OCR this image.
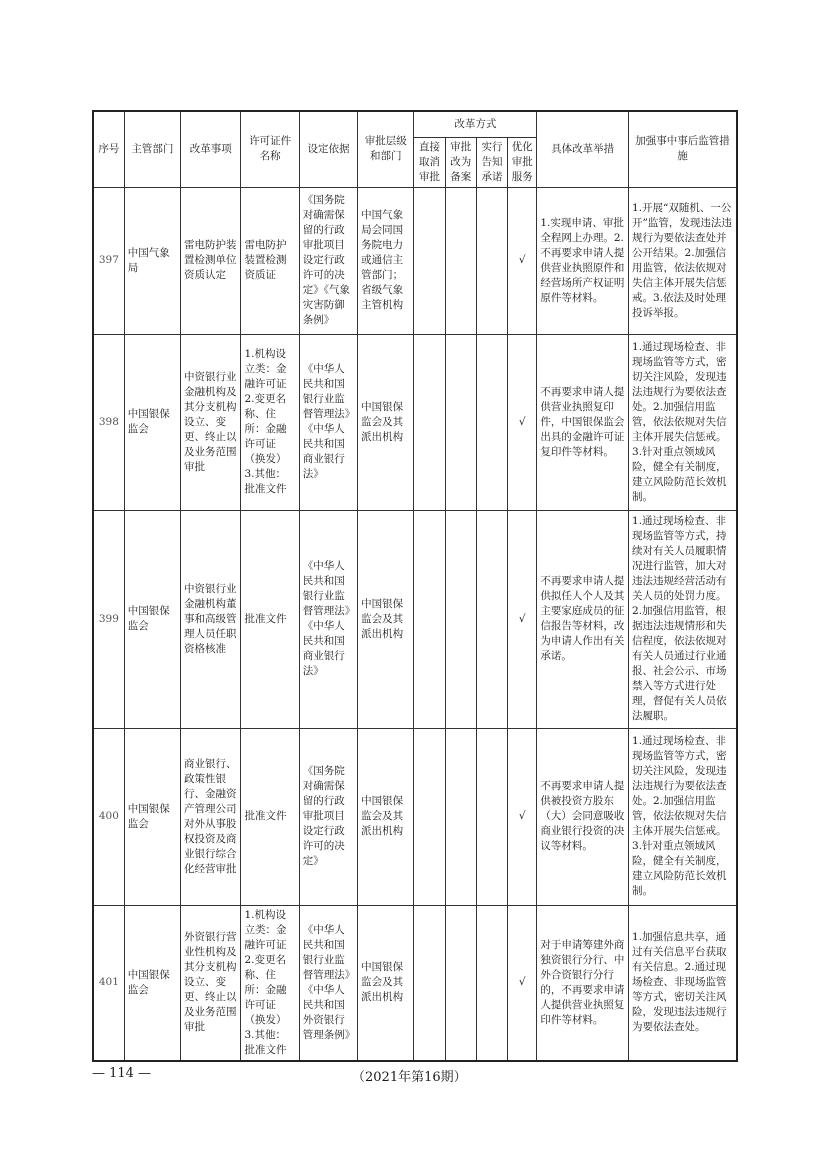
序号	主管部门	改革事项	许可证件名称	设定依据	审批层级和部门	改革方式				具体改革举措	加强事中事后监管措施
						直接取消审批	审批改为备案	实行告知承诺	优化审批服务		
397	中国气象局	雷电防护装置检测单位资质认定	雷电防护装置检测资质证	《国务院对确需保留的行政审批项目设定行政许可的决定》《气象灾害防御条例》	中国气象局会同国务院电力或通信主管部门；省级气象主管机构				√	1.实现申请、审批全程网上办理。2.不再要求申请人提供营业执照原件和经营场所产权证明原件等材料。	1.开展“双随机、一公开”监管，发现违法违规行为要依法查处并公开结果。2.加强信用监管，依法依规对失信主体开展失信惩戒。3.依法及时处理投诉举报。
398	中国银保监会	中资银行业金融机构及其分支机构设立、变更、终止以及业务范围审批	1.机构设立类：金融许可证 2.变更名称、住所：金融许可证（换发）3.其他：批准文件	《中华人民共和国银行业监督管理法》《中华人民共和国商业银行法》	中国银保监会及其派出机构				√	不再要求申请人提供营业执照复印件，中国银保监会出具的金融许可证复印件等材料。	1.通过现场检查、非现场监管等方式，密切关注风险，发现违法违规行为要依法查处。2.加强信用监管，依法依规对失信主体开展失信惩戒。3.针对重点领域风险，健全有关制度，建立风险防范长效机制。
399	中国银保监会	中资银行业金融机构董事和高级管理人员任职资格核准	批准文件	《中华人民共和国银行业监督管理法》《中华人民共和国商业银行法》	中国银保监会及其派出机构				√	不再要求申请人提供拟任人个人及其主要家庭成员的征信报告等材料，改为申请人作出有关承诺。	1.通过现场检查、非现场监管等方式，持续对有关人员履职情况进行监管，加大对违法违规经营活动有关人员的处罚力度。2.加强信用监管，根据违法违规情形和失信程度，依法依规对有关人员通过行业通报、社会公示、市场禁入等方式进行处理，督促有关人员依法履职。
400	中国银保监会	商业银行、政策性银行、金融资产管理公司对外从事股权投资及商业银行综合化经营审批	批准文件	《国务院对确需保留的行政审批项目设定行政许可的决定》	中国银保监会及其派出机构				√	不再要求申请人提供被投资方股东（大）会同意吸收商业银行投资的决议等材料。	1.通过现场检查、非现场监管等方式，密切关注风险，发现违法违规行为要依法查处。2.加强信用监管，依法依规对失信主体开展失信惩戒。3.针对重点领域风险，健全有关制度，建立风险防范长效机制。
401	中国银保监会	外资银行营业性机构及其分支机构设立、变更、终止以及业务范围审批	1.机构设立类：金融许可证 2.变更名称、住所：金融许可证（换发）3.其他：批准文件	《中华人民共和国银行业监督管理法》《中华人民共和国外资银行管理条例》	中国银保监会及其派出机构				√	对于申请筹建外商独资银行分行、中外合资银行分行的，不再要求申请人提供营业执照复印件等材料。	1.加强信息共享，通过有关信息平台获取有关信息。2.通过现场检查、非现场监管等方式，密切关注风险，发现违法违规行为要依法查处。
— 114 —	（2021年第16期）
